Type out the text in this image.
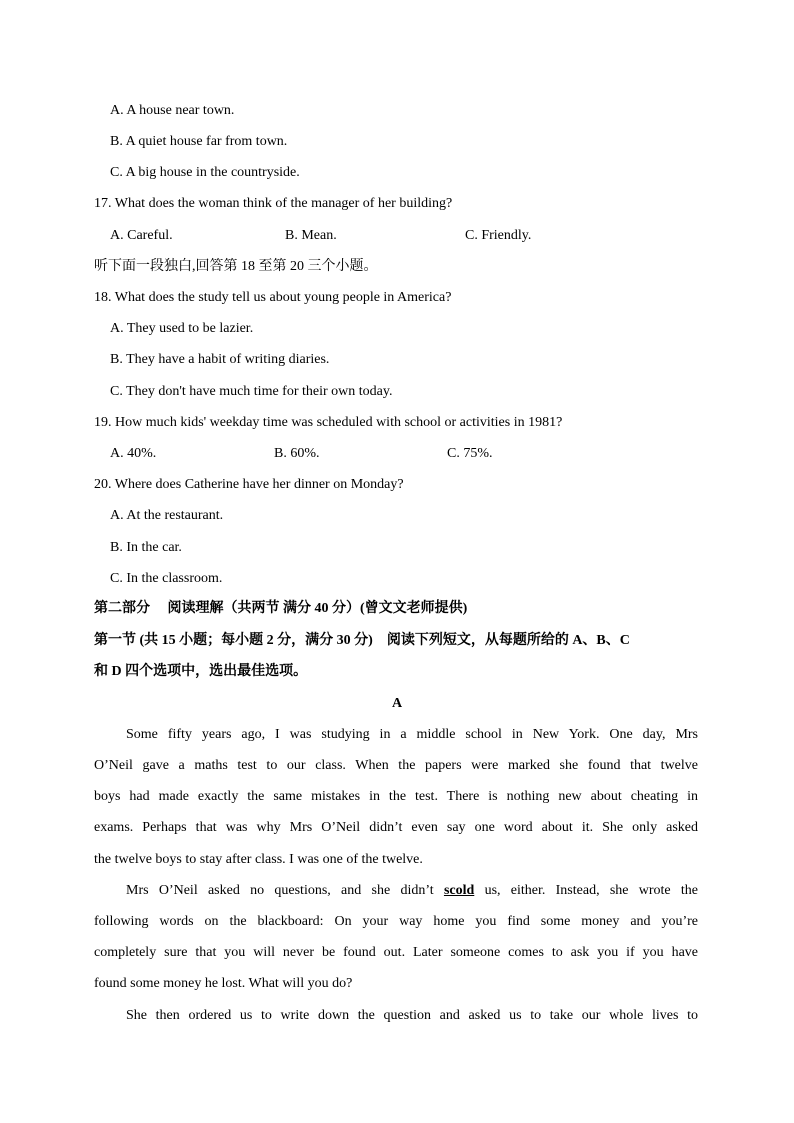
A. A house near town.
B. A quiet house far from town.
C. A big house in the countryside.
17. What does the woman think of the manager of her building?
A. Careful.	B. Mean.	C. Friendly.
听下面一段独白,回答第 18 至第 20 三个小题。
18. What does the study tell us about young people in America?
A. They used to be lazier.
B. They have a habit of writing diaries.
C. They don't have much time for their own today.
19. How much kids' weekday time was scheduled with school or activities in 1981?
A. 40%.	B. 60%.	C. 75%.
20. Where does Catherine have her dinner on Monday?
A. At the restaurant.
B. In the car.
C. In the classroom.
第二部分　 阅读理解（共两节 满分 40 分）(曾文文老师提供)
第一节 (共 15 小题；每小题 2 分，满分 30 分)　阅读下列短文，从每题所给的 A、B、C
和 D 四个选项中，选出最佳选项。
A
Some fifty years ago, I was studying in a middle school in New York. One day, Mrs
O’Neil gave a maths test to our class. When the papers were marked she found that twelve
boys had made exactly the same mistakes in the test. There is nothing new about cheating in
exams. Perhaps that was why Mrs O’Neil didn’t even say one word about it. She only asked
the twelve boys to stay after class. I was one of the twelve.
Mrs O’Neil asked no questions, and she didn’t scold us, either. Instead, she wrote the
following words on the blackboard: On your way home you find some money and you’re
completely sure that you will never be found out. Later someone comes to ask you if you have
found some money he lost. What will you do?
She then ordered us to write down the question and asked us to take our whole lives to
